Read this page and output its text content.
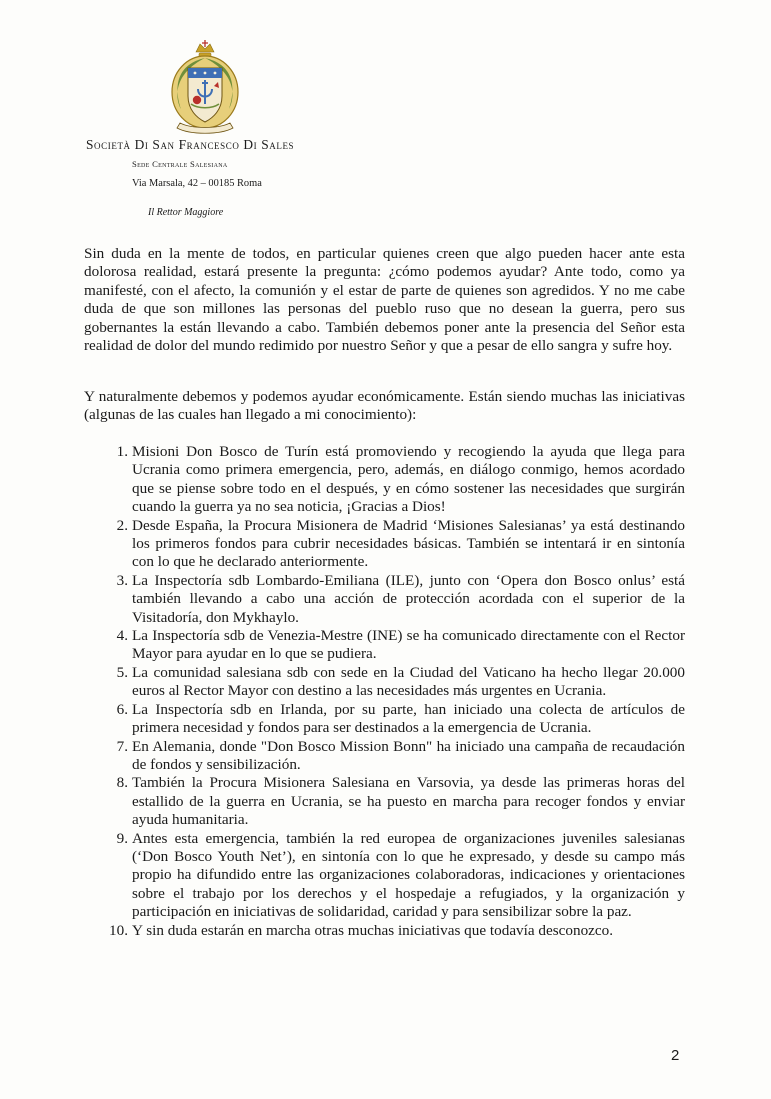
Società Di San Francesco Di Sales
Sede Centrale Salesiana
Via Marsala, 42 – 00185 Roma
Il Rettor Maggiore

Sin duda en la mente de todos, en particular quienes creen que algo pueden hacer ante esta dolorosa realidad, estará presente la pregunta: ¿cómo podemos ayudar? Ante todo, como ya manifesté, con el afecto, la comunión y el estar de parte de quienes son agredidos. Y no me cabe duda de que son millones las personas del pueblo ruso que no desean la guerra, pero sus gobernantes la están llevando a cabo. También debemos poner ante la presencia del Señor esta realidad de dolor del mundo redimido por nuestro Señor y que a pesar de ello sangra y sufre hoy.

Y naturalmente debemos y podemos ayudar económicamente. Están siendo muchas las iniciativas (algunas de las cuales han llegado a mi conocimiento):

1. Misioni Don Bosco de Turín está promoviendo y recogiendo la ayuda que llega para Ucrania como primera emergencia, pero, además, en diálogo conmigo, hemos acordado que se piense sobre todo en el después, y en cómo sostener las necesidades que surgirán cuando la guerra ya no sea noticia, ¡Gracias a Dios!
2. Desde España, la Procura Misionera de Madrid ‘Misiones Salesianas’ ya está destinando los primeros fondos para cubrir necesidades básicas. También se intentará ir en sintonía con lo que he declarado anteriormente.
3. La Inspectoría sdb Lombardo-Emiliana (ILE), junto con ‘Opera don Bosco onlus’ está también llevando a cabo una acción de protección acordada con el superior de la Visitadoría, don Mykhaylo.
4. La Inspectoría sdb de Venezia-Mestre (INE) se ha comunicado directamente con el Rector Mayor para ayudar en lo que se pudiera.
5. La comunidad salesiana sdb con sede en la Ciudad del Vaticano ha hecho llegar 20.000 euros al Rector Mayor con destino a las necesidades más urgentes en Ucrania.
6. La Inspectoría sdb en Irlanda, por su parte, han iniciado una colecta de artículos de primera necesidad y fondos para ser destinados a la emergencia de Ucrania.
7. En Alemania, donde "Don Bosco Mission Bonn" ha iniciado una campaña de recaudación de fondos y sensibilización.
8. También la Procura Misionera Salesiana en Varsovia, ya desde las primeras horas del estallido de la guerra en Ucrania, se ha puesto en marcha para recoger fondos y enviar ayuda humanitaria.
9. Antes esta emergencia, también la red europea de organizaciones juveniles salesianas (‘Don Bosco Youth Net’), en sintonía con lo que he expresado, y desde su campo más propio ha difundido entre las organizaciones colaboradoras, indicaciones y orientaciones sobre el trabajo por los derechos y el hospedaje a refugiados, y la organización y participación en iniciativas de solidaridad, caridad y para sensibilizar sobre la paz.
10. Y sin duda estarán en marcha otras muchas iniciativas que todavía desconozco.
2
